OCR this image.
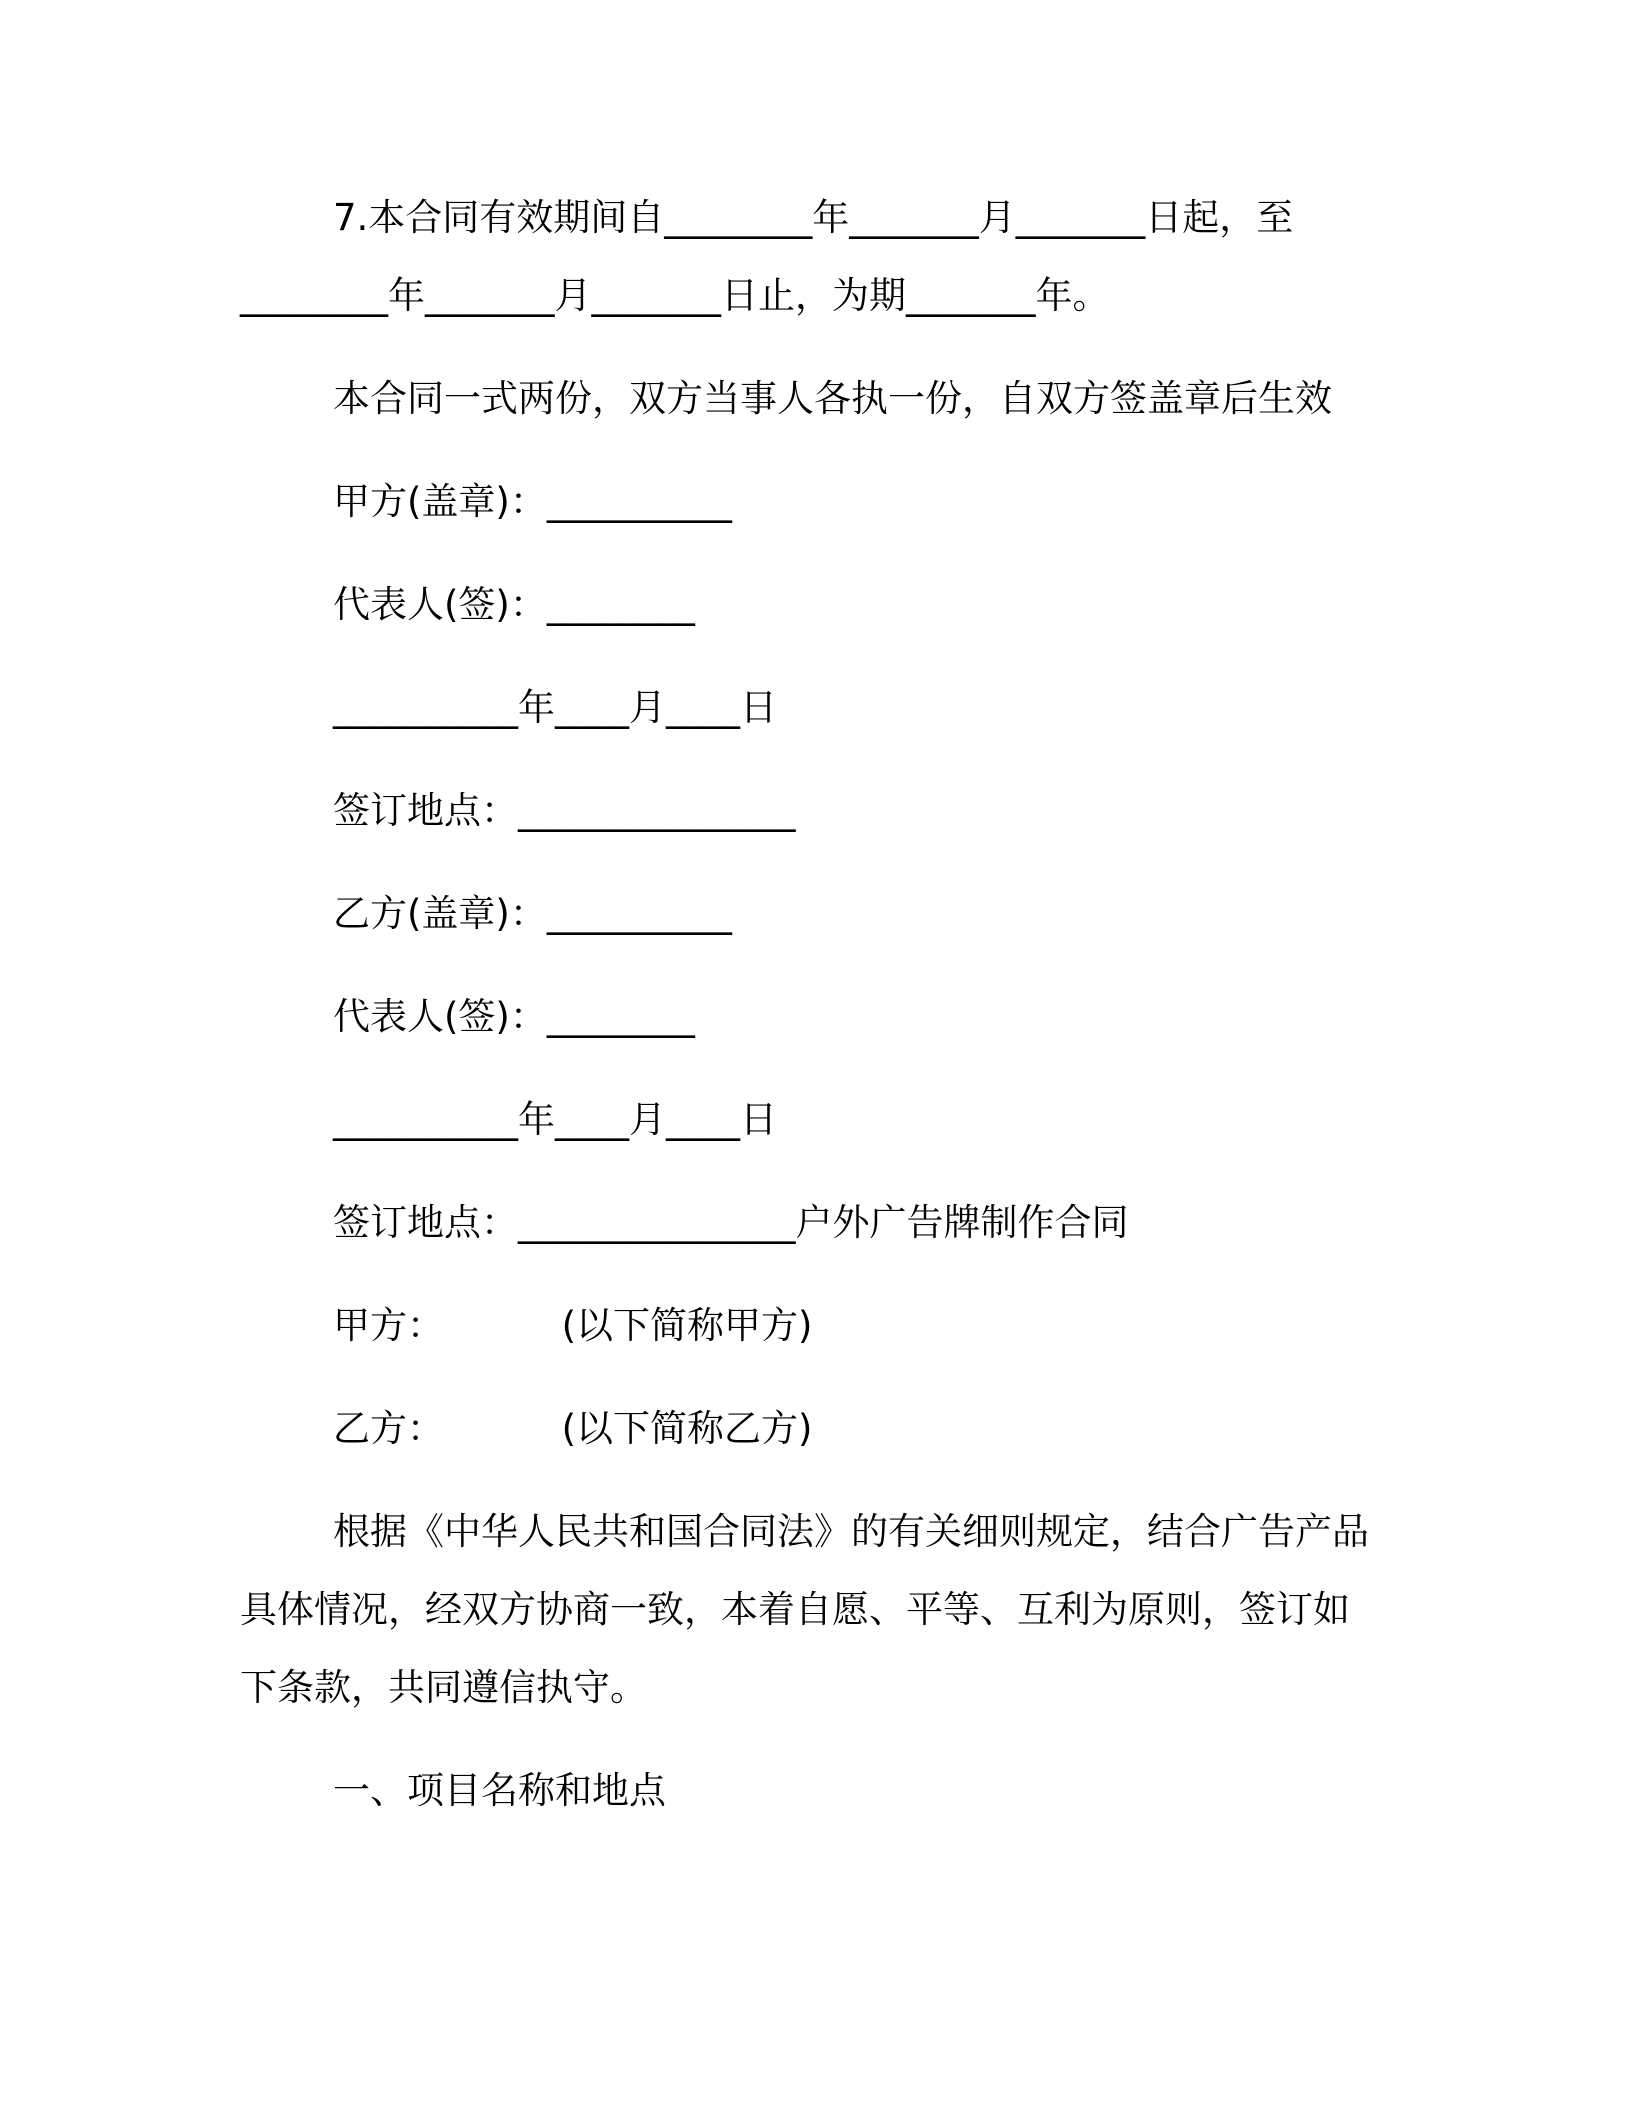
7.本合同有效期间自________年_______月_______日起，至
________年_______月_______日止，为期_______年。
本合同一式两份，双方当事人各执一份，自双方签盖章后生效
甲方(盖章)：__________
代表人(签)：________
__________年____月____日
签订地点：_______________
乙方(盖章)：__________
代表人(签)：________
__________年____月____日
签订地点：_______________户外广告牌制作合同
甲方：          (以下简称甲方)
乙方：          (以下简称乙方)
根据《中华人民共和国合同法》的有关细则规定，结合广告产品
具体情况，经双方协商一致，本着自愿、平等、互利为原则，签订如
下条款，共同遵信执守。
一、项目名称和地点
